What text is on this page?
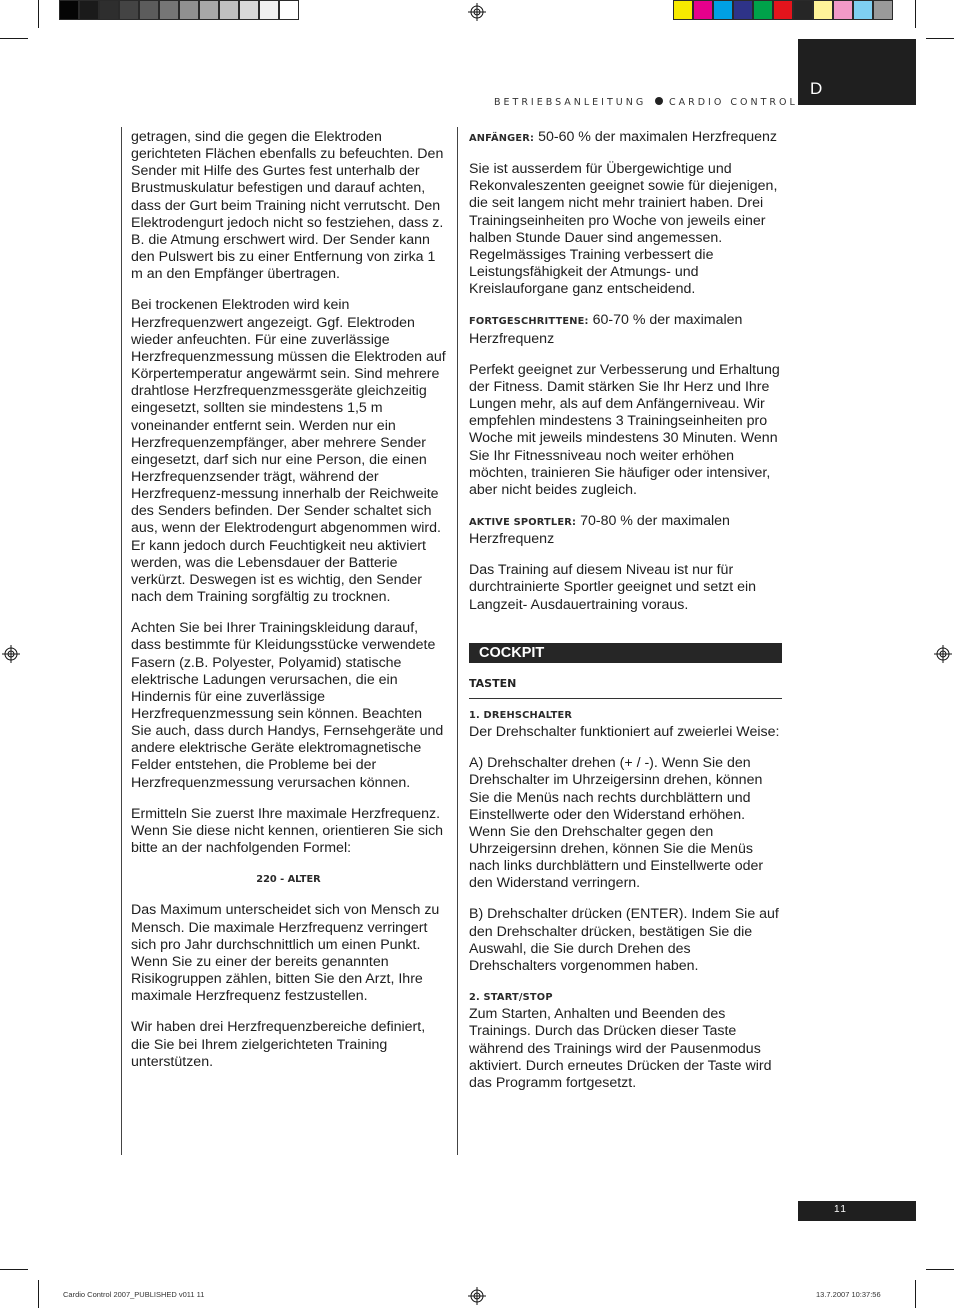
BETRIEBSANLEITUNG CARDIO CONTROL
D

getragen, sind die gegen die Elektroden gerichteten Flächen ebenfalls zu befeuchten. Den Sender mit Hilfe des Gurtes fest unterhalb der Brustmuskulatur befestigen und darauf achten, dass der Gurt beim Training nicht verrutscht. Den Elektrodengurt jedoch nicht so festziehen, dass z. B. die Atmung erschwert wird. Der Sender kann den Pulswert bis zu einer Entfernung von zirka 1 m an den Empfänger übertragen.

Bei trockenen Elektroden wird kein Herzfrequenzwert angezeigt. Ggf. Elektroden wieder anfeuchten. Für eine zuverlässige Herzfrequenzmessung müssen die Elektroden auf Körpertemperatur angewärmt sein. Sind mehrere drahtlose Herzfrequenzmessgeräte gleichzeitig eingesetzt, sollten sie mindestens 1,5 m voneinander entfernt sein. Werden nur ein Herzfrequenzempfänger, aber mehrere Sender eingesetzt, darf sich nur eine Person, die einen Herzfrequenzsender trägt, während der Herzfrequenz-messung innerhalb der Reichweite des Senders befinden. Der Sender schaltet sich aus, wenn der Elektrodengurt abgenommen wird. Er kann jedoch durch Feuchtigkeit neu aktiviert werden, was die Lebensdauer der Batterie verkürzt. Deswegen ist es wichtig, den Sender nach dem Training sorgfältig zu trocknen.

Achten Sie bei Ihrer Trainingskleidung darauf, dass bestimmte für Kleidungsstücke verwendete Fasern (z.B. Polyester, Polyamid) statische elektrische Ladungen verursachen, die ein Hindernis für eine zuverlässige Herzfrequenzmessung sein können. Beachten Sie auch, dass durch Handys, Fernsehgeräte und andere elektrische Geräte elektromagnetische Felder entstehen, die Probleme bei der Herzfrequenzmessung verursachen können.

Ermitteln Sie zuerst Ihre maximale Herzfrequenz. Wenn Sie diese nicht kennen, orientieren Sie sich bitte an der nachfolgenden Formel:

220 - ALTER

Das Maximum unterscheidet sich von Mensch zu Mensch. Die maximale Herzfrequenz verringert sich pro Jahr durchschnittlich um einen Punkt. Wenn Sie zu einer der bereits genannten Risikogruppen zählen, bitten Sie den Arzt, Ihre maximale Herzfrequenz festzustellen.

Wir haben drei Herzfrequenzbereiche definiert, die Sie bei Ihrem zielgerichteten Training unterstützen.

ANFÄNGER: 50-60 % der maximalen Herzfrequenz

Sie ist ausserdem für Übergewichtige und Rekonvaleszenten geeignet sowie für diejenigen, die seit langem nicht mehr trainiert haben. Drei Trainingseinheiten pro Woche von jeweils einer halben Stunde Dauer sind angemessen. Regelmässiges Training verbessert die Leistungsfähigkeit der Atmungs- und Kreislauforgane ganz entscheidend.

FORTGESCHRITTENE: 60-70 % der maximalen Herzfrequenz

Perfekt geeignet zur Verbesserung und Erhaltung der Fitness. Damit stärken Sie Ihr Herz und Ihre Lungen mehr, als auf dem Anfängerniveau. Wir empfehlen mindestens 3 Trainingseinheiten pro Woche mit jeweils mindestens 30 Minuten. Wenn Sie Ihr Fitnessniveau noch weiter erhöhen möchten, trainieren Sie häufiger oder intensiver, aber nicht beides zugleich.

AKTIVE SPORTLER: 70-80 % der maximalen Herzfrequenz

Das Training auf diesem Niveau ist nur für durchtrainierte Sportler geeignet und setzt ein Langzeit- Ausdauertraining voraus.

COCKPIT
TASTEN
1. DREHSCHALTER

Der Drehschalter funktioniert auf zweierlei Weise:

A) Drehschalter drehen (+ / -). Wenn Sie den Drehschalter im Uhrzeigersinn drehen, können Sie die Menüs nach rechts durchblättern und Einstellwerte oder den Widerstand erhöhen. Wenn Sie den Drehschalter gegen den Uhrzeigersinn drehen, können Sie die Menüs nach links durchblättern und Einstellwerte oder den Widerstand verringern.

B) Drehschalter drücken (ENTER). Indem Sie auf den Drehschalter drücken, bestätigen Sie die Auswahl, die Sie durch Drehen des Drehschalters vorgenommen haben.

2. START/STOP

Zum Starten, Anhalten und Beenden des Trainings. Durch das Drücken dieser Taste während des Trainings wird der Pausenmodus aktiviert. Durch erneutes Drücken der Taste wird das Programm fortgesetzt.

11
Cardio Control 2007_PUBLISHED v011 11	13.7.2007 10:37:56
